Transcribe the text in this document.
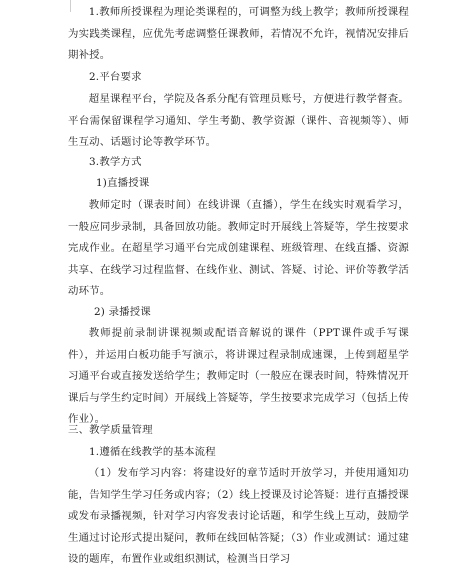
1.教师所授课程为理论类课程的，可调整为线上教学；教师所授课程为实践类课程，应优先考虑调整任课教师，若情况不允许，视情况安排后期补授。
2.平台要求
超星课程平台，学院及各系分配有管理员账号，方便进行教学督查。平台需保留课程学习通知、学生考勤、教学资源（课件、音视频等）、师生互动、话题讨论等教学环节。
3.教学方式
1)直播授课
教师定时（课表时间）在线讲课（直播），学生在线实时观看学习，一般应同步录制，具备回放功能。教师定时开展线上答疑等，学生按要求完成作业。在超星学习通平台完成创建课程、班级管理、在线直播、资源共享、在线学习过程监督、在线作业、测试、答疑、讨论、评价等教学活动环节。
2) 录播授课
教师提前录制讲课视频或配语音解说的课件（PPT课件或手写课件），并运用白板功能手写演示，将讲课过程录制成速课，上传到超星学习通平台或直接发送给学生；教师定时（一般应在课表时间，特殊情况开课后与学生约定时间）开展线上答疑等，学生按要求完成学习（包括上传作业）。
三、教学质量管理
1.遵循在线教学的基本流程
（1）发布学习内容：将建设好的章节适时开放学习，并使用通知功能，告知学生学习任务或内容；（2）线上授课及讨论答疑：进行直播授课或发布录播视频，针对学习内容发表讨论话题，和学生线上互动，鼓励学生通过讨论形式提出疑问，教师在线回帖答疑；（3）作业或测试：通过建设的题库，布置作业或组织测试，检测当日学习
